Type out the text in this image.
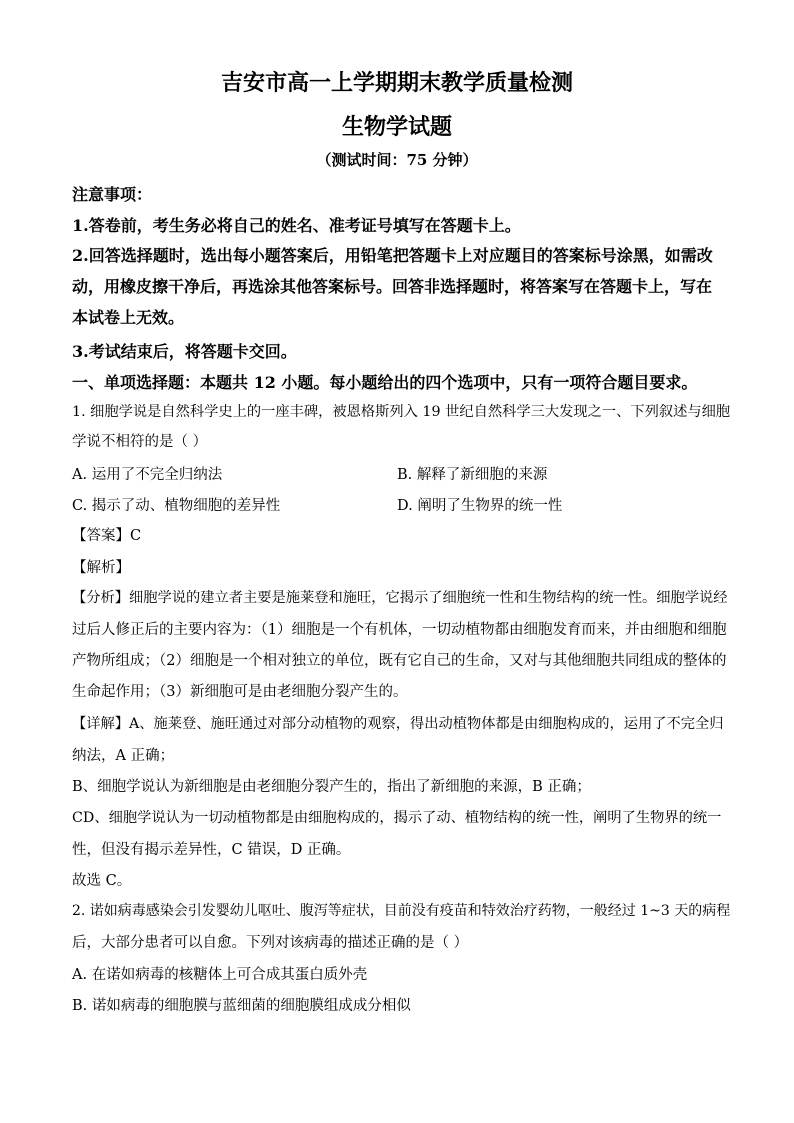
吉安市高一上学期期末教学质量检测
生物学试题
（测试时间：75 分钟）
注意事项：
1.答卷前，考生务必将自己的姓名、准考证号填写在答题卡上。
2.回答选择题时，选出每小题答案后，用铅笔把答题卡上对应题目的答案标号涂黑，如需改
动，用橡皮擦干净后，再选涂其他答案标号。回答非选择题时，将答案写在答题卡上，写在
本试卷上无效。
3.考试结束后，将答题卡交回。
一、单项选择题：本题共 12 小题。每小题给出的四个选项中，只有一项符合题目要求。
1. 细胞学说是自然科学史上的一座丰碑，被恩格斯列入 19 世纪自然科学三大发现之一、下列叙述与细胞
学说不相符的是（ ）
A. 运用了不完全归纳法	B. 解释了新细胞的来源
C. 揭示了动、植物细胞的差异性	D. 阐明了生物界的统一性
【答案】C
【解析】
【分析】细胞学说的建立者主要是施莱登和施旺，它揭示了细胞统一性和生物结构的统一性。细胞学说经
过后人修正后的主要内容为：（1）细胞是一个有机体，一切动植物都由细胞发育而来，并由细胞和细胞
产物所组成；（2）细胞是一个相对独立的单位，既有它自己的生命，又对与其他细胞共同组成的整体的
生命起作用；（3）新细胞可是由老细胞分裂产生的。
【详解】A、施莱登、施旺通过对部分动植物的观察，得出动植物体都是由细胞构成的，运用了不完全归
纳法，A 正确；
B、细胞学说认为新细胞是由老细胞分裂产生的，指出了新细胞的来源，B 正确；
CD、细胞学说认为一切动植物都是由细胞构成的，揭示了动、植物结构的统一性，阐明了生物界的统一
性，但没有揭示差异性，C 错误，D 正确。
故选 C。
2. 诺如病毒感染会引发婴幼儿呕吐、腹泻等症状，目前没有疫苗和特效治疗药物，一般经过 1~3 天的病程
后，大部分患者可以自愈。下列对该病毒的描述正确的是（ ）
A. 在诺如病毒的核糖体上可合成其蛋白质外壳
B. 诺如病毒的细胞膜与蓝细菌的细胞膜组成成分相似
